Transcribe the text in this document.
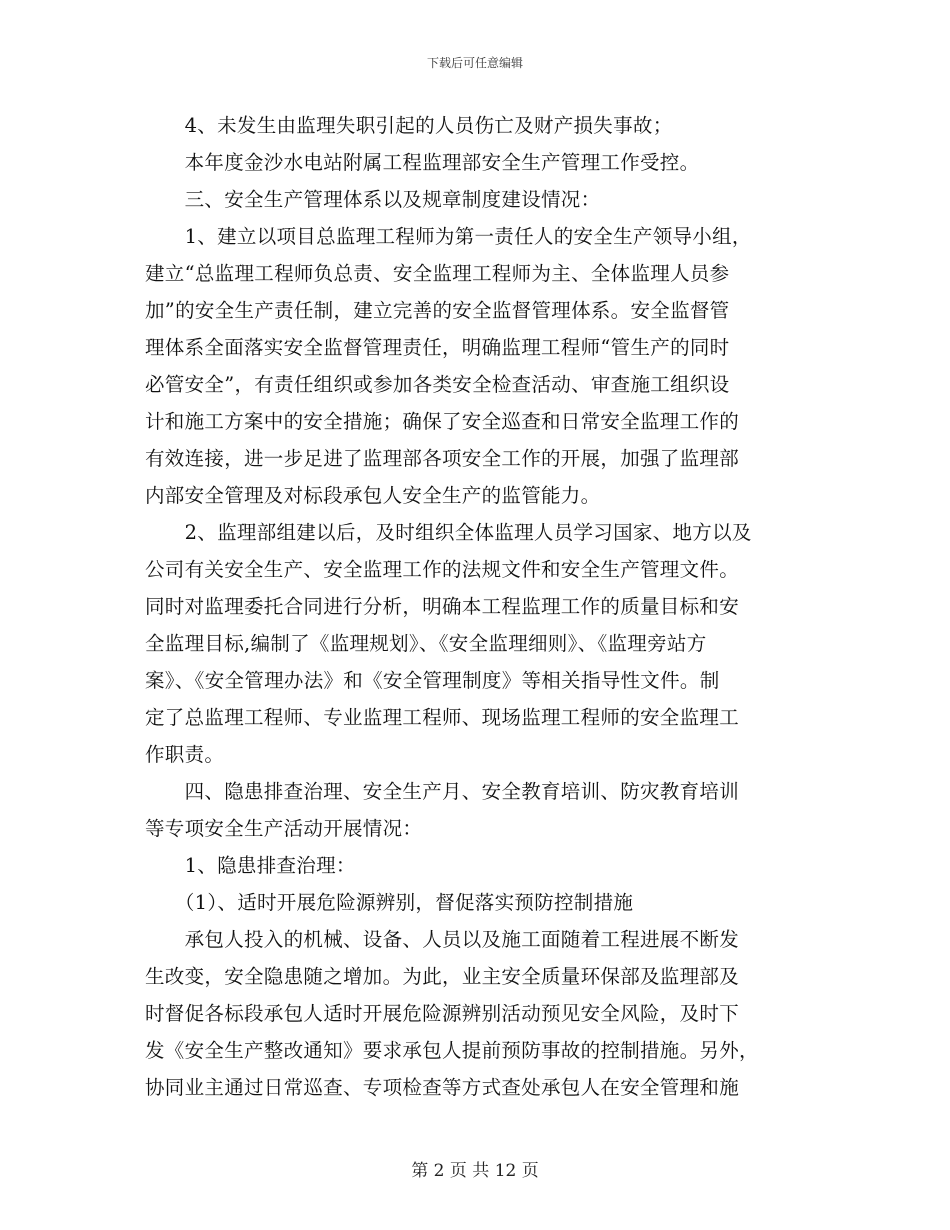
下载后可任意编辑
　　4、未发生由监理失职引起的人员伤亡及财产损失事故；
　　本年度金沙水电站附属工程监理部安全生产管理工作受控。
　　三、安全生产管理体系以及规章制度建设情况：
　　1、建立以项目总监理工程师为第一责任人的安全生产领导小组，
建立“总监理工程师负总责、安全监理工程师为主、全体监理人员参
加”的安全生产责任制，建立完善的安全监督管理体系。安全监督管
理体系全面落实安全监督管理责任，明确监理工程师“管生产的同时
必管安全”，有责任组织或参加各类安全检查活动、审查施工组织设
计和施工方案中的安全措施；确保了安全巡查和日常安全监理工作的
有效连接，进一步足进了监理部各项安全工作的开展，加强了监理部
内部安全管理及对标段承包人安全生产的监管能力。
　　2、监理部组建以后，及时组织全体监理人员学习国家、地方以及
公司有关安全生产、安全监理工作的法规文件和安全生产管理文件。
同时对监理委托合同进行分析，明确本工程监理工作的质量目标和安
全监理目标,编制了《监理规划》、《安全监理细则》、《监理旁站方
案》、《安全管理办法》和《安全管理制度》等相关指导性文件。制
定了总监理工程师、专业监理工程师、现场监理工程师的安全监理工
作职责。
　　四、隐患排查治理、安全生产月、安全教育培训、防灾教育培训
等专项安全生产活动开展情况：
　　1、隐患排查治理：
　　（1）、适时开展危险源辨别，督促落实预防控制措施
　　承包人投入的机械、设备、人员以及施工面随着工程进展不断发
生改变，安全隐患随之增加。为此，业主安全质量环保部及监理部及
时督促各标段承包人适时开展危险源辨别活动预见安全风险，及时下
发《安全生产整改通知》要求承包人提前预防事故的控制措施。另外，
协同业主通过日常巡查、专项检查等方式查处承包人在安全管理和施
第 2 页 共 12 页
